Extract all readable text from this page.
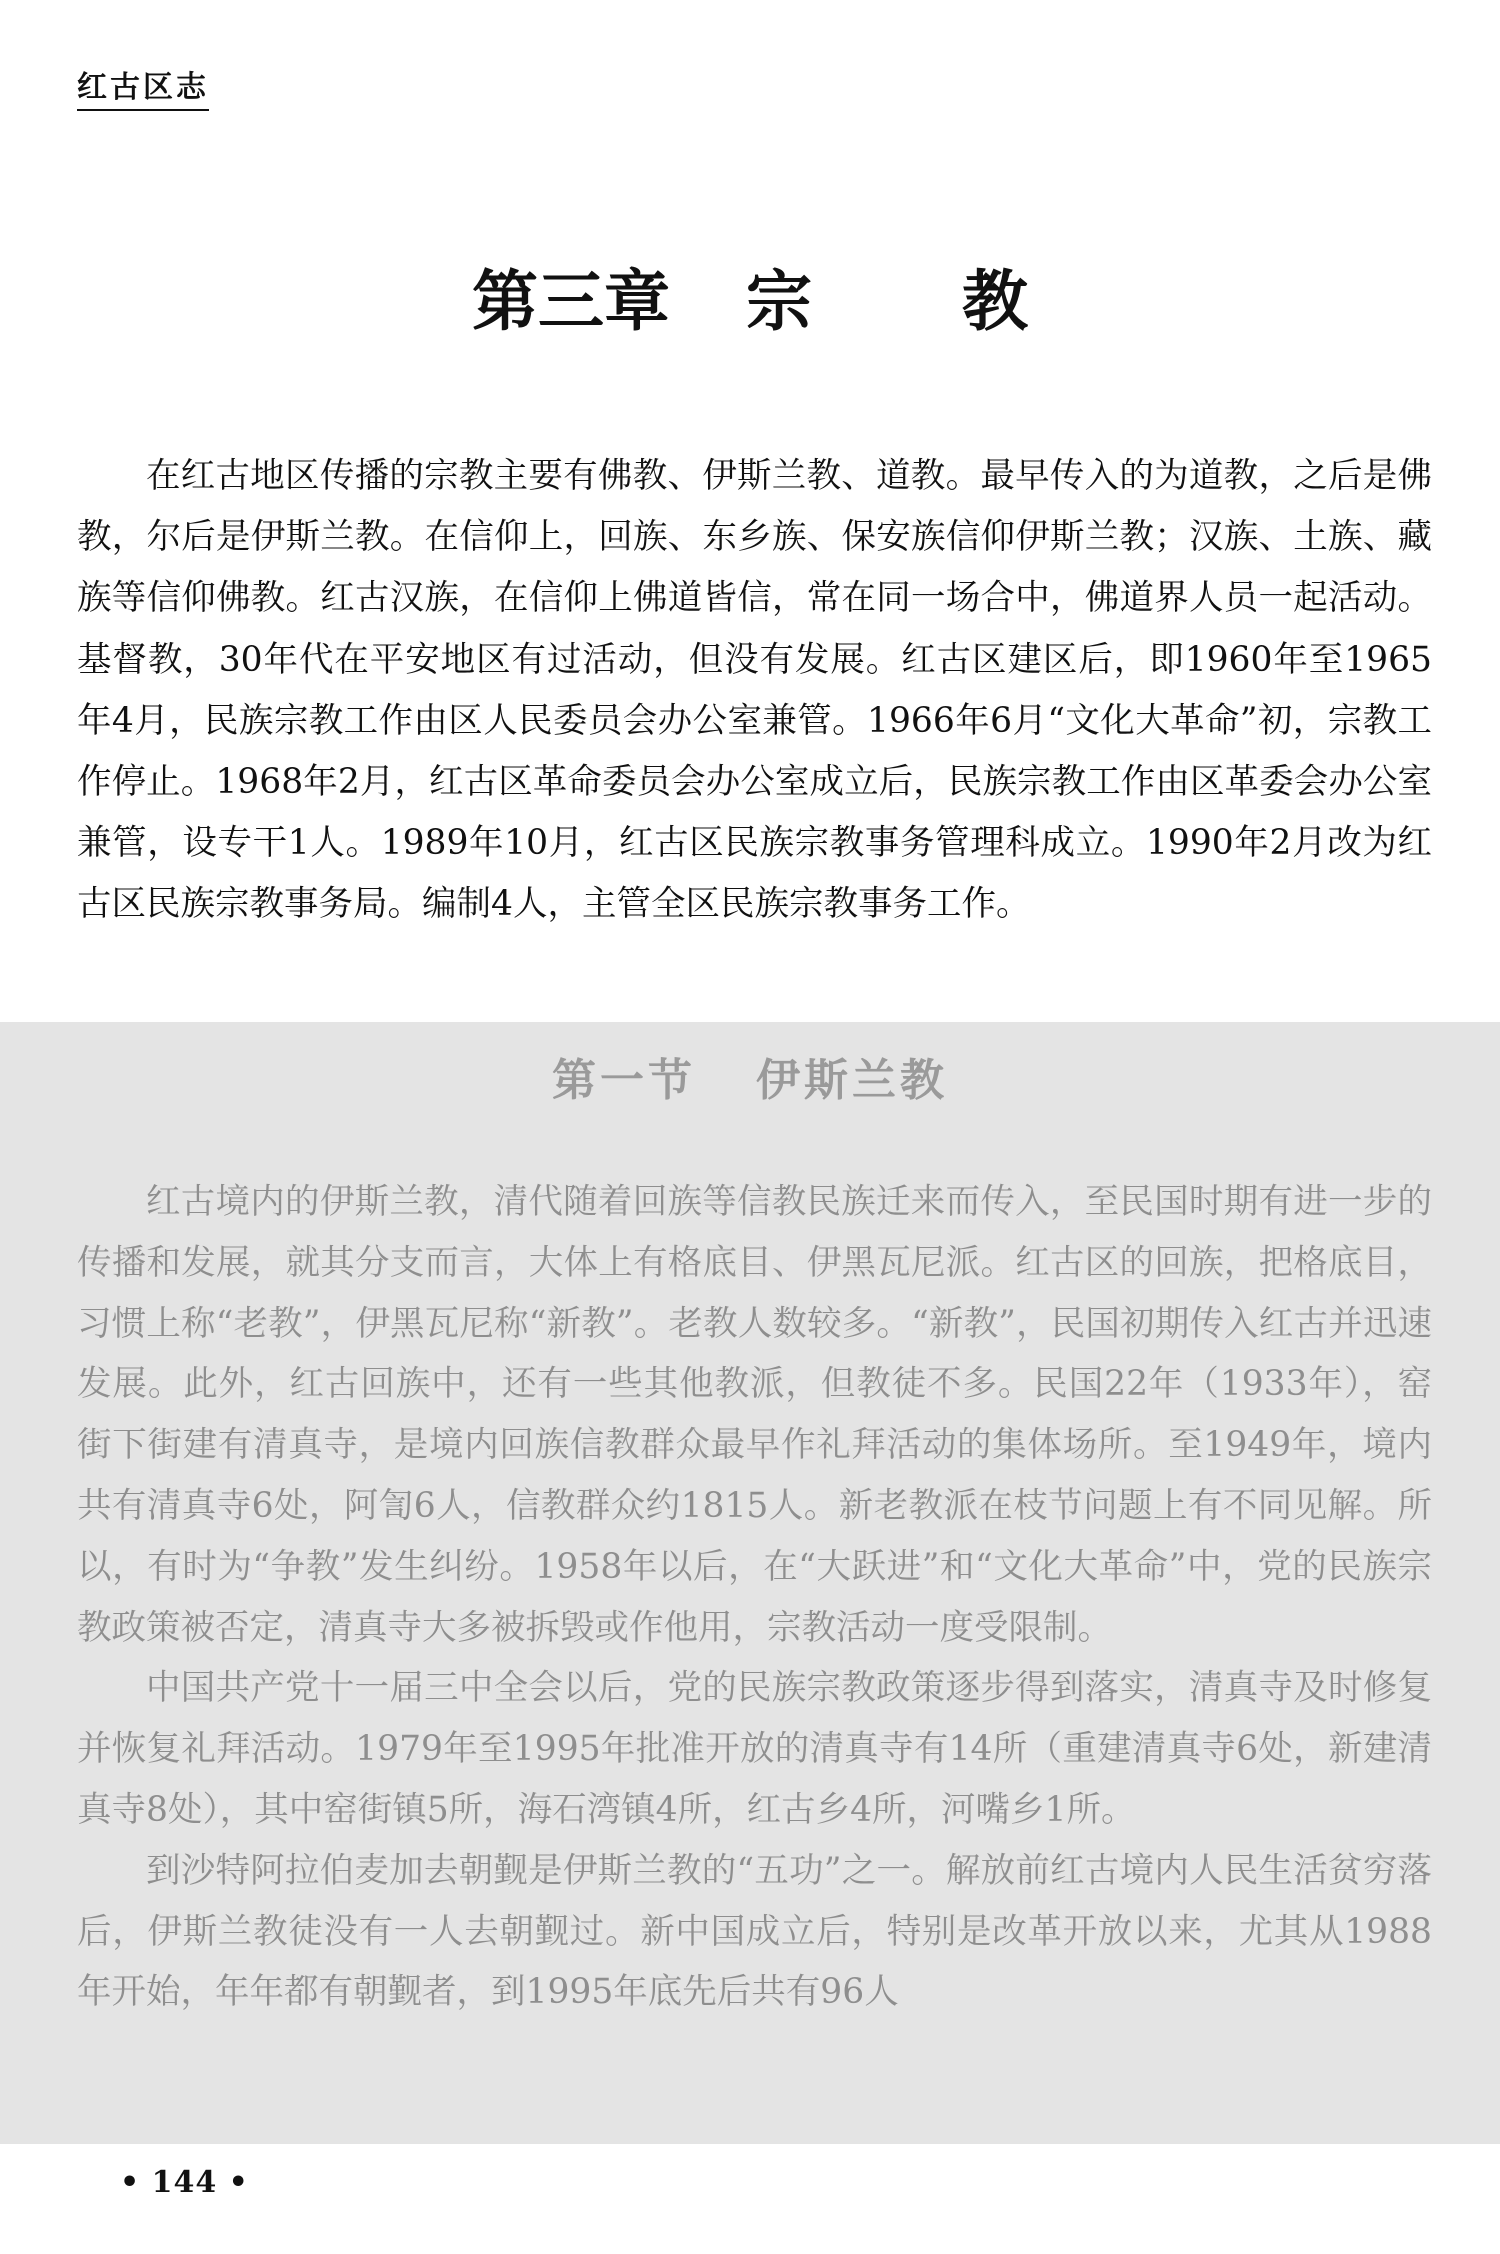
红古区志
第三章 宗 教

在红古地区传播的宗教主要有佛教、伊斯兰教、道教。最早传入的为道教，之后是佛教，尔后是伊斯兰教。在信仰上，回族、东乡族、保安族信仰伊斯兰教；汉族、土族、藏族等信仰佛教。红古汉族，在信仰上佛道皆信，常在同一场合中，佛道界人员一起活动。基督教，30年代在平安地区有过活动，但没有发展。红古区建区后，即1960年至1965年4月，民族宗教工作由区人民委员会办公室兼管。1966年6月“文化大革命”初，宗教工作停止。1968年2月，红古区革命委员会办公室成立后，民族宗教工作由区革委会办公室兼管，设专干1人。1989年10月，红古区民族宗教事务管理科成立。1990年2月改为红古区民族宗教事务局。编制4人，主管全区民族宗教事务工作。

第一节 伊斯兰教

红古境内的伊斯兰教，清代随着回族等信教民族迁来而传入，至民国时期有进一步的传播和发展，就其分支而言，大体上有格底目、伊黑瓦尼派。红古区的回族，把格底目，习惯上称“老教”，伊黑瓦尼称“新教”。老教人数较多。“新教”，民国初期传入红古并迅速发展。此外，红古回族中，还有一些其他教派，但教徒不多。民国22年（1933年），窑街下街建有清真寺，是境内回族信教群众最早作礼拜活动的集体场所。至1949年，境内共有清真寺6处，阿訇6人，信教群众约1815人。新老教派在枝节问题上有不同见解。所以，有时为“争教”发生纠纷。1958年以后，在“大跃进”和“文化大革命”中，党的民族宗教政策被否定，清真寺大多被拆毁或作他用，宗教活动一度受限制。

中国共产党十一届三中全会以后，党的民族宗教政策逐步得到落实，清真寺及时修复并恢复礼拜活动。1979年至1995年批准开放的清真寺有14所（重建清真寺6处，新建清真寺8处），其中窑街镇5所，海石湾镇4所，红古乡4所，河嘴乡1所。

到沙特阿拉伯麦加去朝觐是伊斯兰教的“五功”之一。解放前红古境内人民生活贫穷落后，伊斯兰教徒没有一人去朝觐过。新中国成立后，特别是改革开放以来，尤其从1988年开始，年年都有朝觐者，到1995年底先后共有96人

• 144 •
